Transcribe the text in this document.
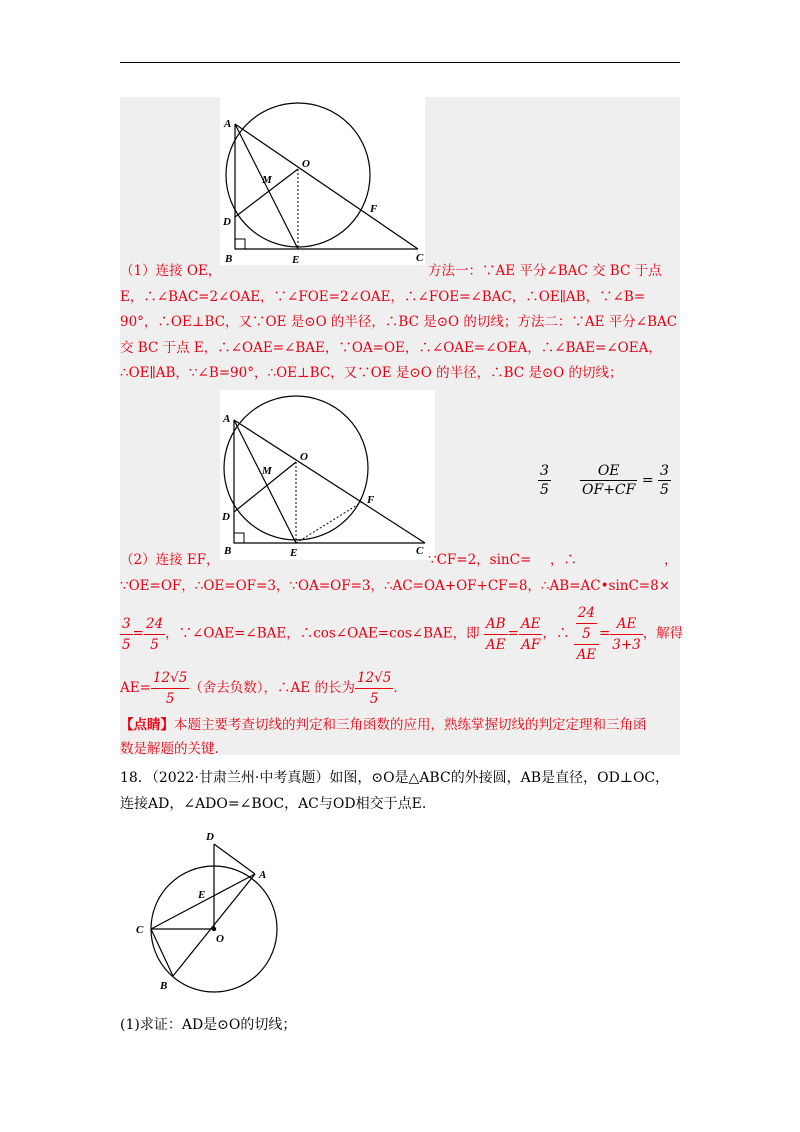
A
O
M
D
F
B	E	C
（1）连接 OE，	方法一：∵AE 平分∠BAC 交 BC 于点
E，∴∠BAC=2∠OAE，∵∠FOE=2∠OAE，∴∠FOE=∠BAC，∴OE∥AB，∵∠B=
90°，∴OE⊥BC，又∵OE 是⊙O 的半径，∴BC 是⊙O 的切线；方法二：∵AE 平分∠BAC
交 BC 于点 E，∴∠OAE=∠BAE，∵OA=OE，∴∠OAE=∠OEA，∴∠BAE=∠OEA，
∴OE∥AB，∵∠B=90°，∴OE⊥BC，又∵OE 是⊙O 的半径，∴BC 是⊙O 的切线；
A
O
M
D
F
B	E	C
$\frac{3}{5} \frac{OE}{OF+CF} = \frac{3}{5}$
（2）连接 EF，	∵CF=2，sinC= ，∴	，
∵OE=OF，∴OE=OF=3，∵OA=OF=3，∴AC=OA+OF+CF=8，∴AB=AC•sinC=8×
$\frac{3}{5} = \frac{24}{5}$ ，∵∠OAE=∠BAE，∴cos∠OAE=cos∠BAE，即 $\frac{AB}{AE} = \frac{AE}{AF}$ ，∴ $\frac{\frac{24}{5}}{AE} = \frac{AE}{3+3}$ ，解得
$AE= \frac{12√5}{5}$ （舍去负数），∴AE 的长为 $\frac{12√5}{5}$ .
【点睛】本题主要考查切线的判定和三角函数的应用，熟练掌握切线的判定定理和三角函
数是解题的关键.
18．（2022·甘肃兰州·中考真题）如图，⊙O是△ABC的外接圆，AB是直径，OD⊥OC，
连接AD，∠ADO=∠BOC，AC与OD相交于点E.
D
A
E
C
O
B
(1)求证：AD是⊙O的切线；
